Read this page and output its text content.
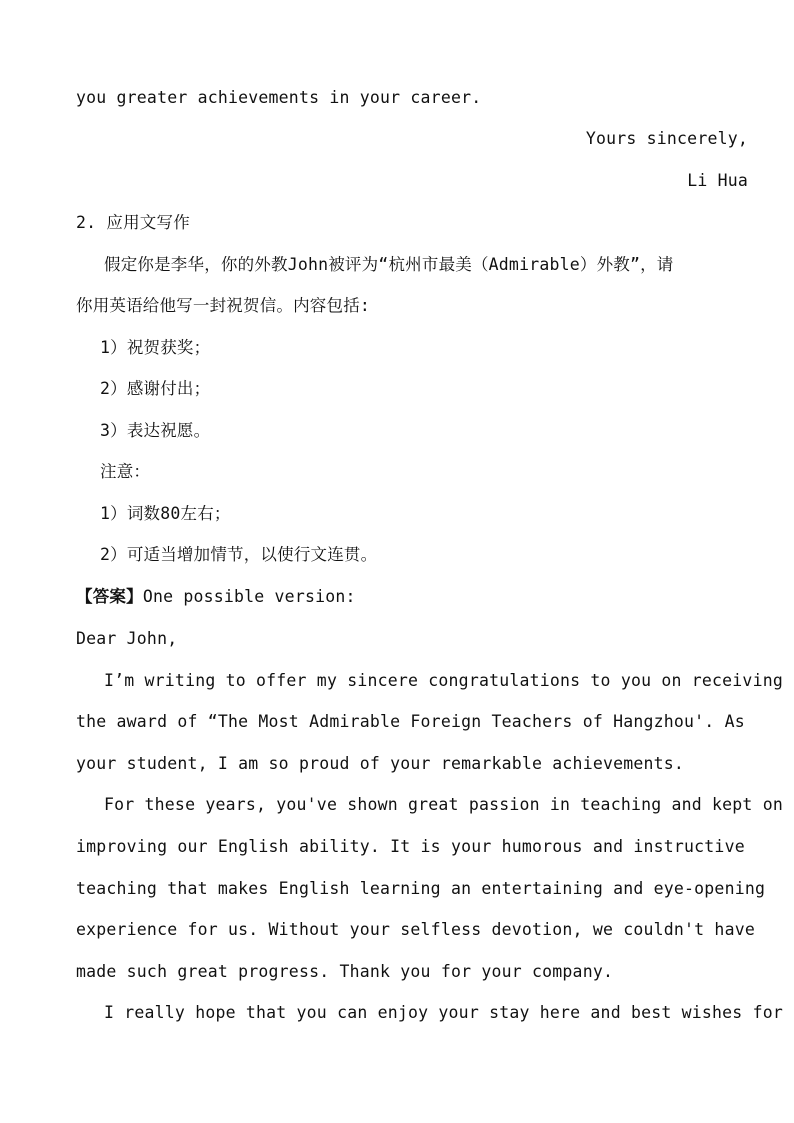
you greater achievements in your career.
Yours sincerely,
Li Hua
2. 应用文写作
假定你是李华，你的外教John被评为“杭州市最美（Admirable）外教”，请
你用英语给他写一封祝贺信。内容包括:
1）祝贺获奖；
2）感谢付出；
3）表达祝愿。
注意：
1）词数80左右；
2）可适当增加情节，以使行文连贯。
【答案】One possible version:
Dear John,
I’m writing to offer my sincere congratulations to you on receiving
the award of “The Most Admirable Foreign Teachers of Hangzhou'. As
your student, I am so proud of your remarkable achievements.
For these years, you've shown great passion in teaching and kept on
improving our English ability. It is your humorous and instructive
teaching that makes English learning an entertaining and eye-opening
experience for us. Without your selfless devotion, we couldn't have
made such great progress. Thank you for your company.
I really hope that you can enjoy your stay here and best wishes for
